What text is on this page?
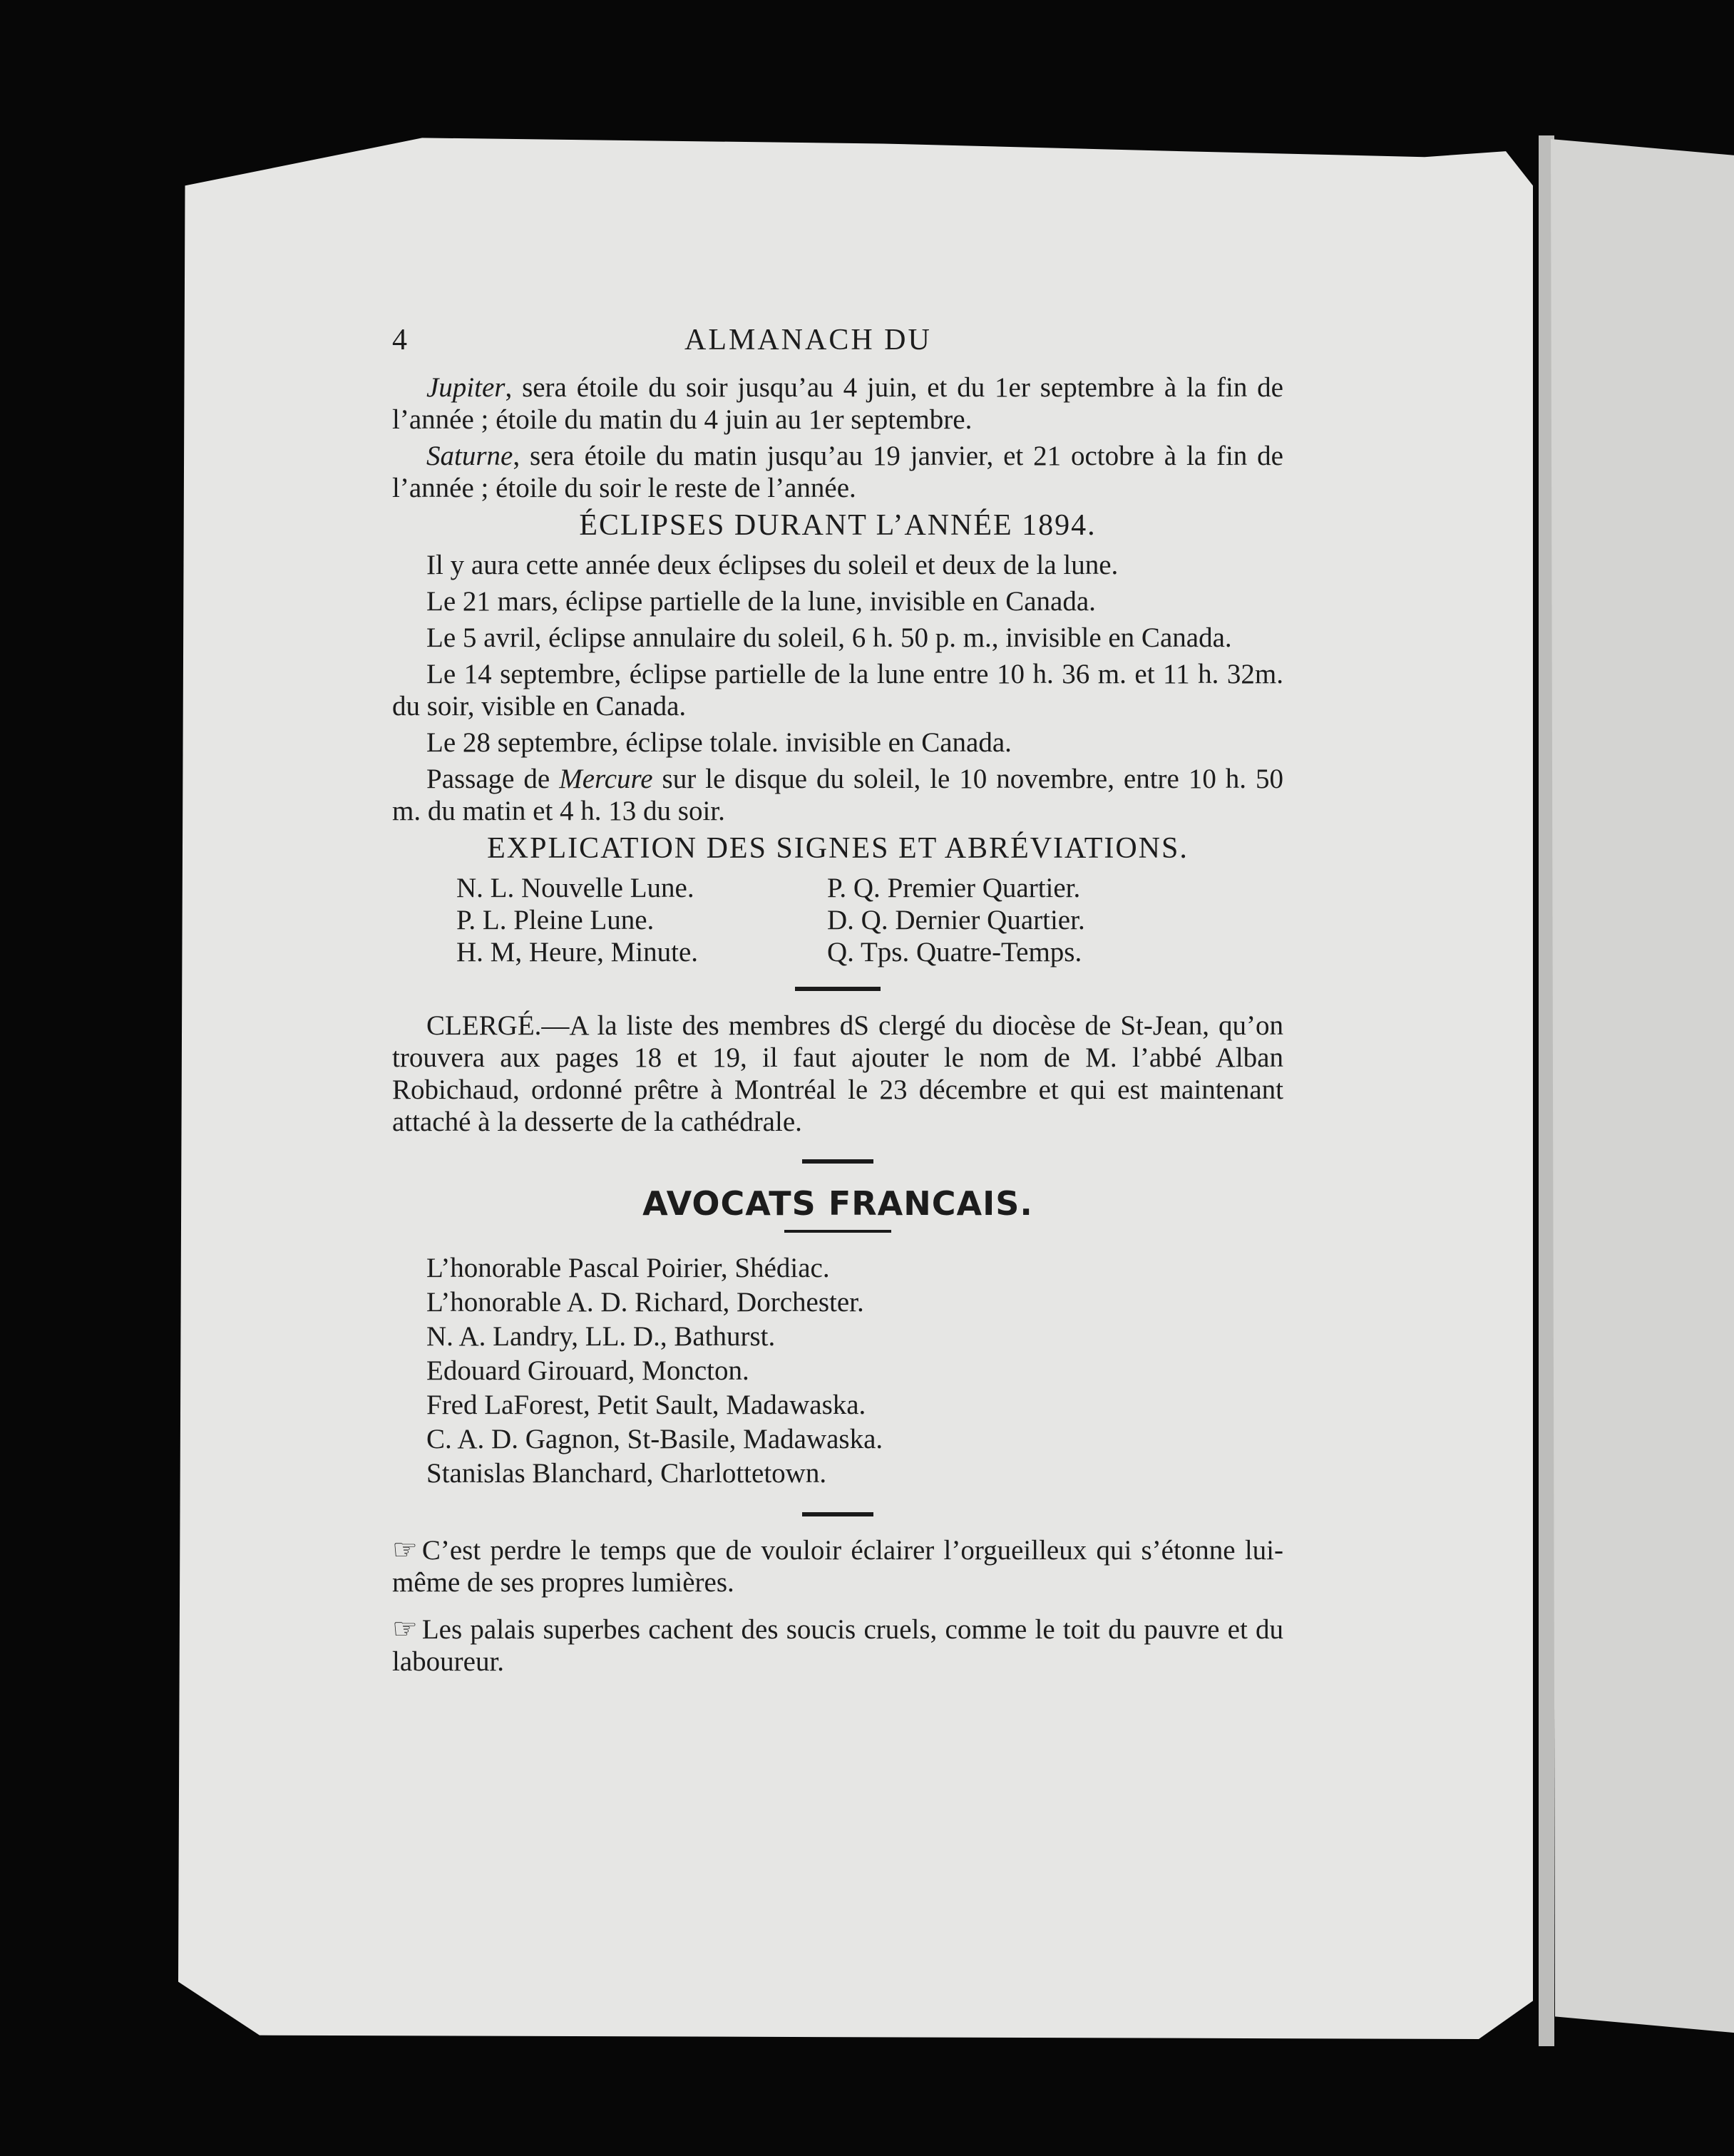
4	ALMANACH DU

Jupiter, sera étoile du soir jusqu’au 4 juin, et du 1er septembre à la fin de l’année ; étoile du matin du 4 juin au 1er septembre.

Saturne, sera étoile du matin jusqu’au 19 janvier, et 21 octobre à la fin de l’année ; étoile du soir le reste de l’année.

ÉCLIPSES DURANT L’ANNÉE 1894.

Il y aura cette année deux éclipses du soleil et deux de la lune.

Le 21 mars, éclipse partielle de la lune, invisible en Canada.

Le 5 avril, éclipse annulaire du soleil, 6 h. 50 p. m., invisible en Canada.

Le 14 septembre, éclipse partielle de la lune entre 10 h. 36 m. et 11 h. 32m. du soir, visible en Canada.

Le 28 septembre, éclipse tolale. invisible en Canada.

Passage de Mercure sur le disque du soleil, le 10 novembre, entre 10 h. 50 m. du matin et 4 h. 13 du soir.

EXPLICATION DES SIGNES ET ABRÉVIATIONS.
N. L. Nouvelle Lune.	P. Q. Premier Quartier.
P. L. Pleine Lune.	D. Q. Dernier Quartier.
H. M, Heure, Minute.	Q. Tps. Quatre-Temps.

CLERGÉ.—A la liste des membres dS clergé du diocèse de St-Jean, qu’on trouvera aux pages 18 et 19, il faut ajouter le nom de M. l’abbé Alban Robichaud, ordonné prêtre à Montréal le 23 décembre et qui est maintenant attaché à la desserte de la cathédrale.

AVOCATS FRANCAIS.
L’honorable Pascal Poirier, Shédiac.
L’honorable A. D. Richard, Dorchester.
N. A. Landry, LL. D., Bathurst.
Edouard Girouard, Moncton.
Fred LaForest, Petit Sault, Madawaska.
C. A. D. Gagnon, St-Basile, Madawaska.
Stanislas Blanchard, Charlottetown.

☞ C’est perdre le temps que de vouloir éclairer l’orgueilleux qui s’étonne lui-même de ses propres lumières.

☞ Les palais superbes cachent des soucis cruels, comme le toit du pauvre et du laboureur.
